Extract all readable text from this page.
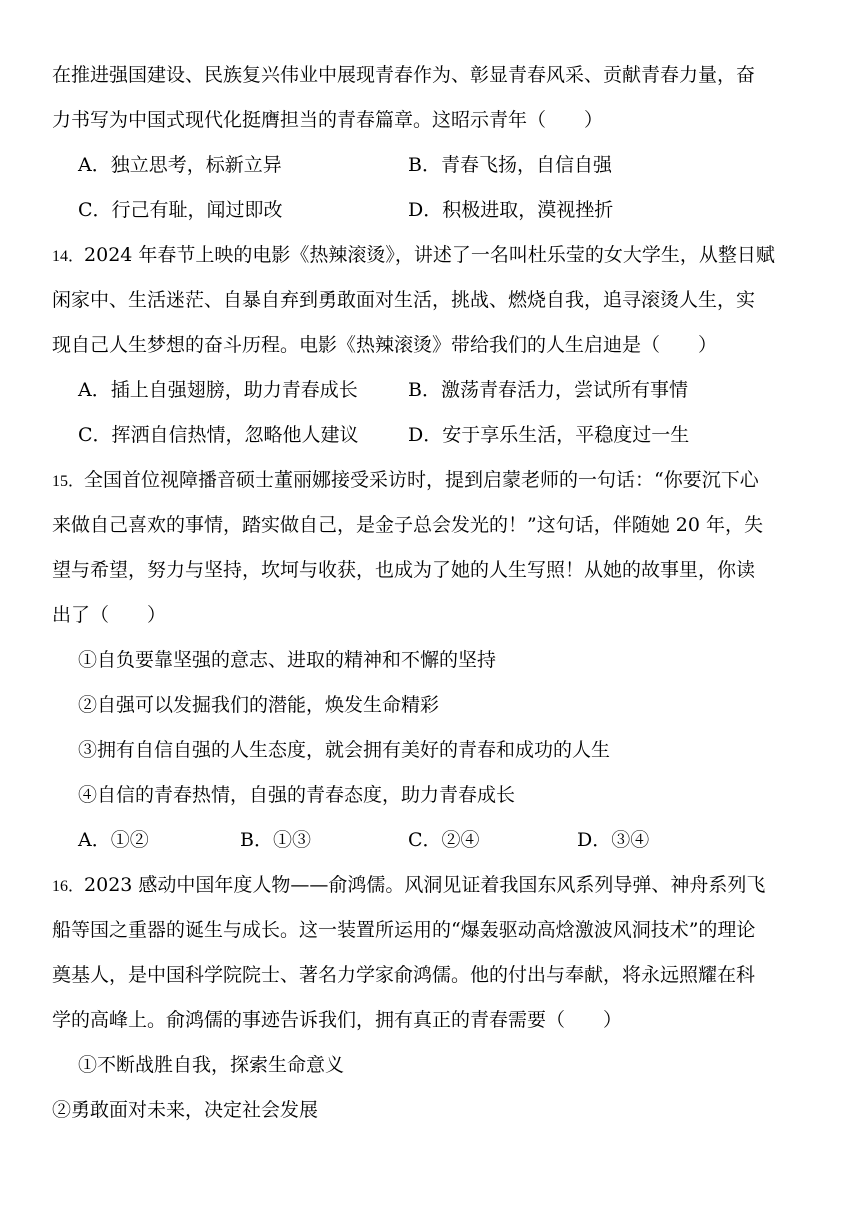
在推进强国建设、民族复兴伟业中展现青春作为、彰显青春风采、贡献青春力量，奋
力书写为中国式现代化挺膺担当的青春篇章。这昭示青年（　　）
A．独立思考，标新立异	B．青春飞扬，自信自强
C．行己有耻，闻过即改	D．积极进取，漠视挫折
14．2024 年春节上映的电影《热辣滚烫》，讲述了一名叫杜乐莹的女大学生，从整日赋
闲家中、生活迷茫、自暴自弃到勇敢面对生活，挑战、燃烧自我，追寻滚烫人生，实
现自己人生梦想的奋斗历程。电影《热辣滚烫》带给我们的人生启迪是（　　）
A．插上自强翅膀，助力青春成长	B．激荡青春活力，尝试所有事情
C．挥洒自信热情，忽略他人建议	D．安于享乐生活，平稳度过一生
15．全国首位视障播音硕士董丽娜接受采访时，提到启蒙老师的一句话：“你要沉下心
来做自己喜欢的事情，踏实做自己，是金子总会发光的！”这句话，伴随她 20 年，失
望与希望，努力与坚持，坎坷与收获，也成为了她的人生写照！从她的故事里，你读
出了（　　）
①自负要靠坚强的意志、进取的精神和不懈的坚持
②自强可以发掘我们的潜能，焕发生命精彩
③拥有自信自强的人生态度，就会拥有美好的青春和成功的人生
④自信的青春热情，自强的青春态度，助力青春成长
A．①②	B．①③	C．②④	D．③④
16．2023 感动中国年度人物——俞鸿儒。风洞见证着我国东风系列导弹、神舟系列飞
船等国之重器的诞生与成长。这一装置所运用的“爆轰驱动高焓激波风洞技术”的理论
奠基人，是中国科学院院士、著名力学家俞鸿儒。他的付出与奉献，将永远照耀在科
学的高峰上。俞鸿儒的事迹告诉我们，拥有真正的青春需要（　　）
①不断战胜自我，探索生命意义
②勇敢面对未来，决定社会发展
